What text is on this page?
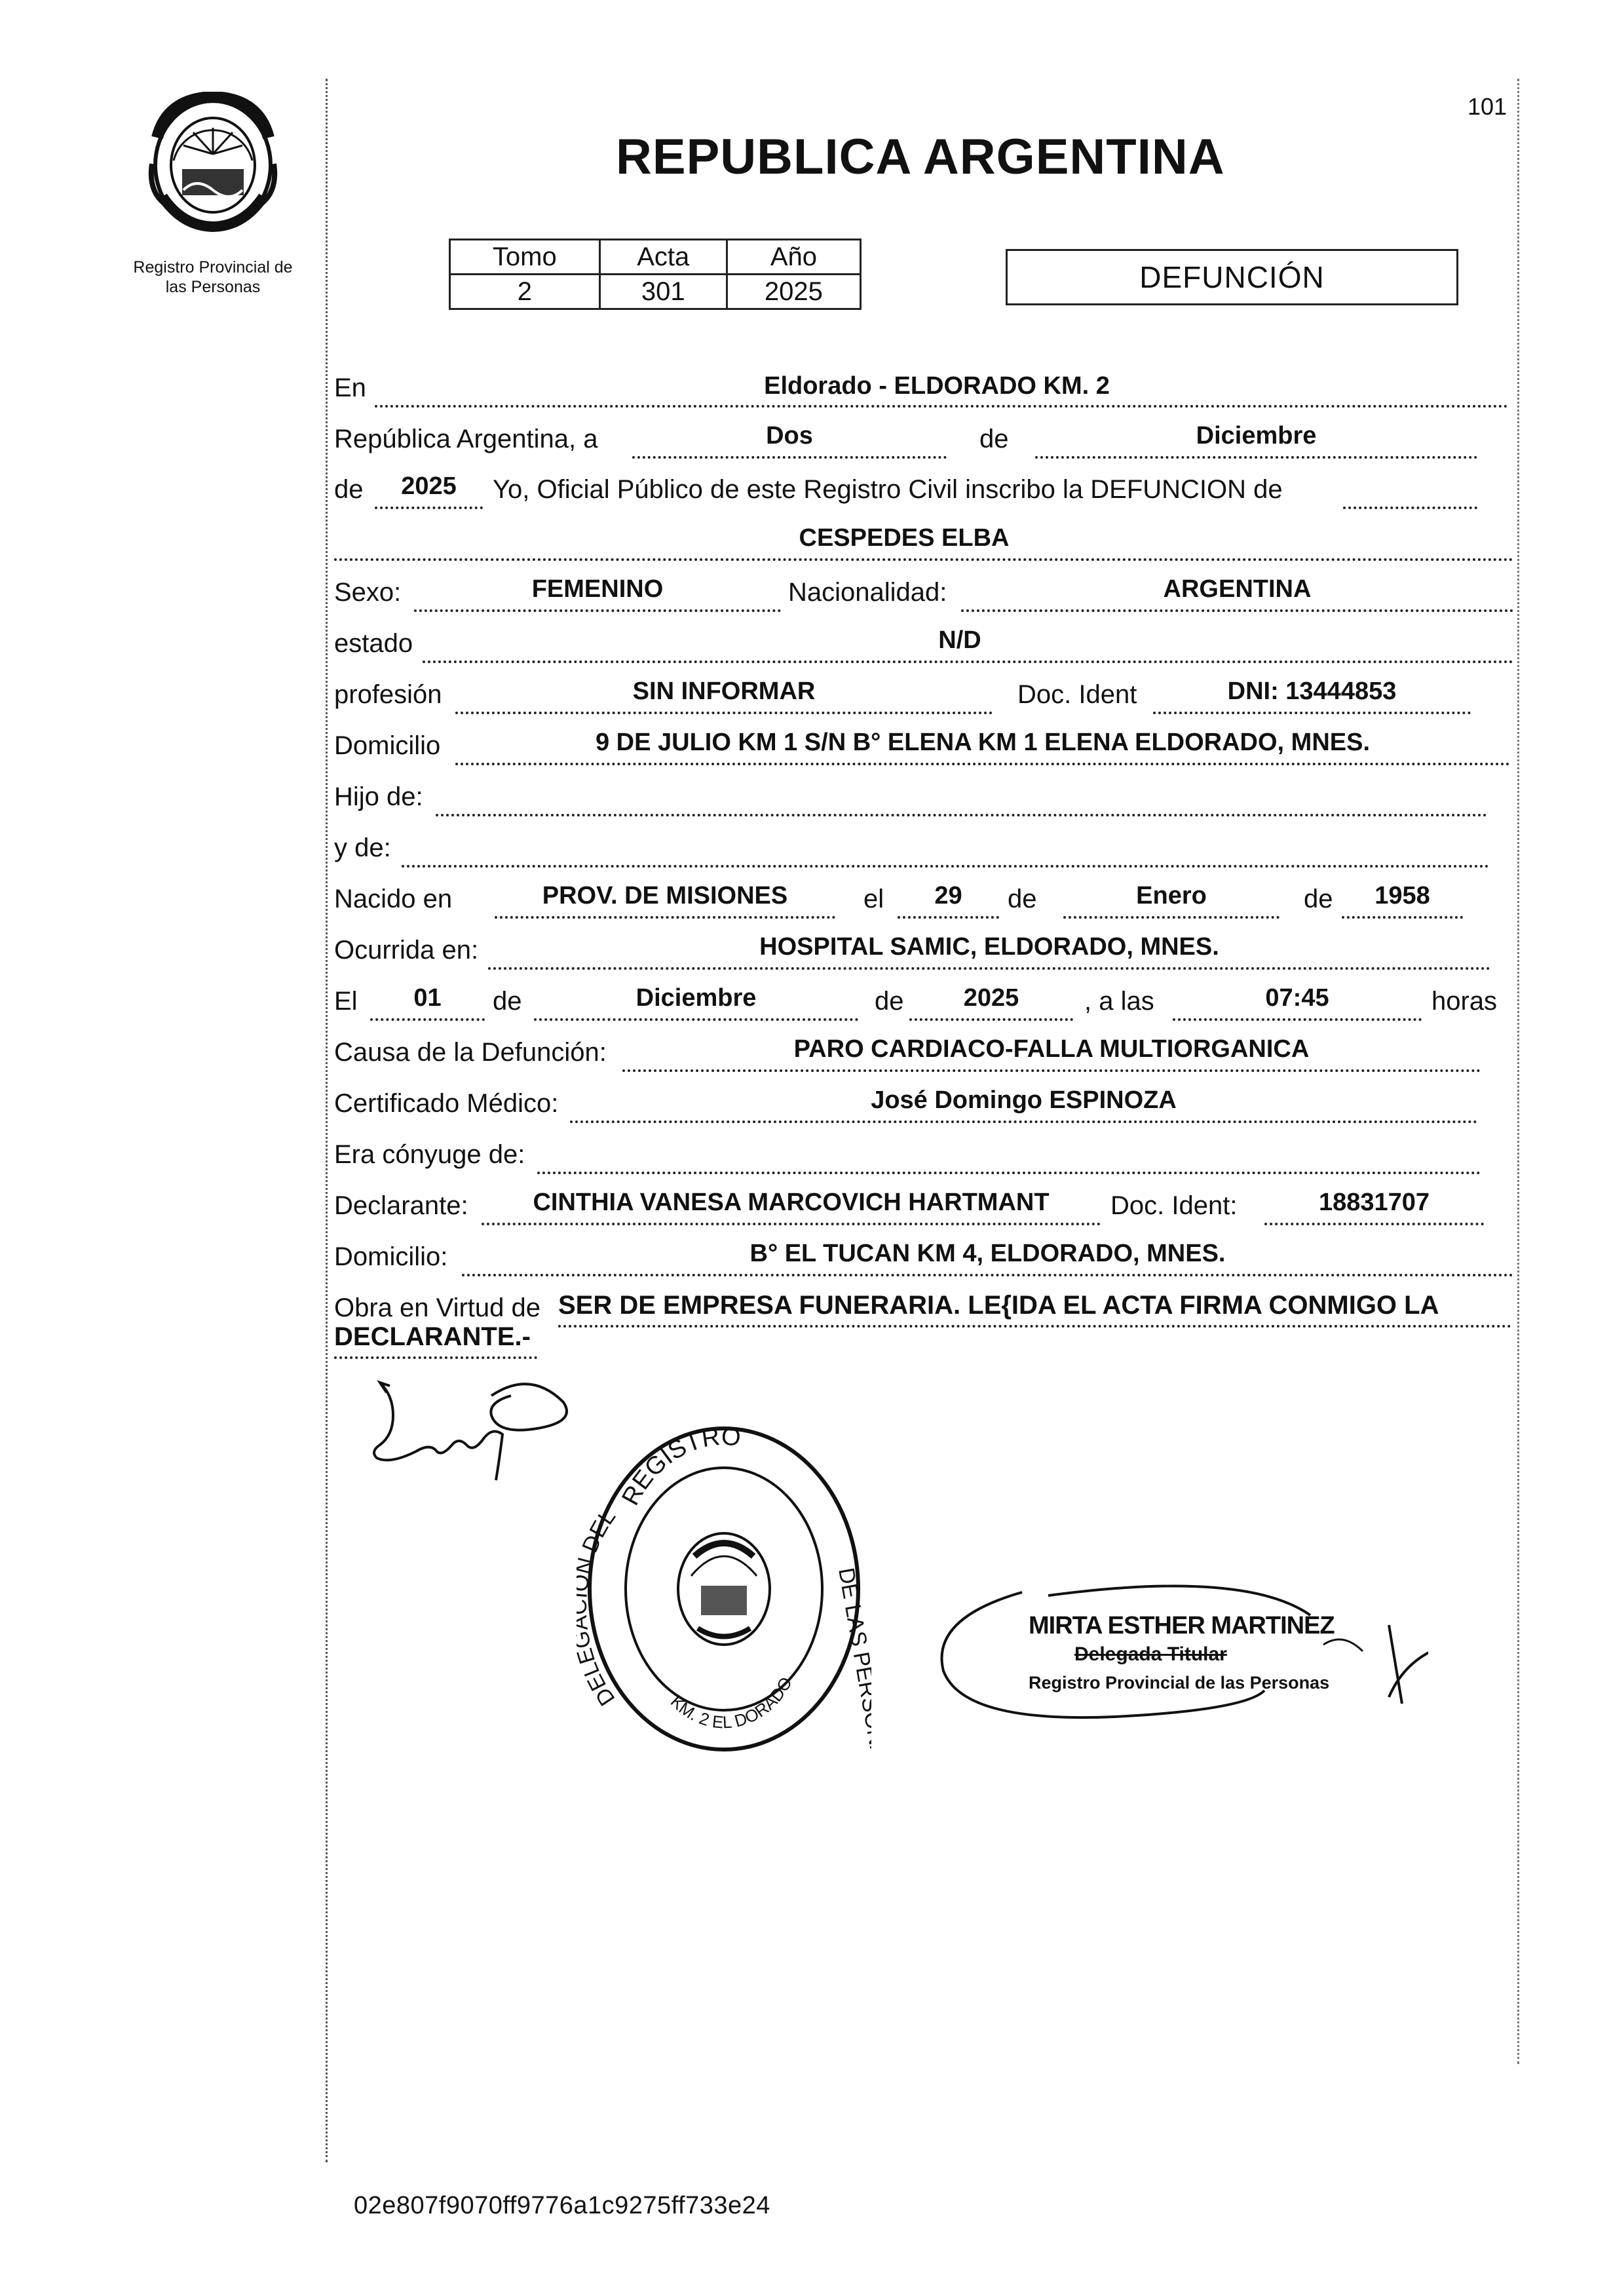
101
Registro Provincial de
las Personas
REPUBLICA ARGENTINA
Tomo	Acta	Año
2	301	2025	DEFUNCIÓN
En	Eldorado - ELDORADO KM. 2
República Argentina, a	Dos	de	Diciembre
de	2025	Yo, Oficial Público de este Registro Civil inscribo la DEFUNCION de
CESPEDES ELBA
Sexo:	FEMENINO	Nacionalidad:	ARGENTINA
estado	N/D
profesión	SIN INFORMAR	Doc. Ident	DNI: 13444853
Domicilio	9 DE JULIO KM 1 S/N B° ELENA KM 1 ELENA ELDORADO, MNES.
Hijo de:
y de:
Nacido en	PROV. DE MISIONES	el	29	de	Enero	de	1958
Ocurrida en:	HOSPITAL SAMIC, ELDORADO, MNES.
El	01	de	Diciembre	de	2025	, a las	07:45	horas
Causa de la Defunción:	PARO CARDIACO-FALLA MULTIORGANICA
Certificado Médico:	José Domingo ESPINOZA
Era cónyuge de:
Declarante:	CINTHIA VANESA MARCOVICH HARTMANT	Doc. Ident:	18831707
Domicilio:	B° EL TUCAN KM 4, ELDORADO, MNES.
Obra en Virtud de SER DE EMPRESA FUNERARIA. LE{IDA EL ACTA FIRMA CONMIGO LA
DECLARANTE.-
REGISTRO
DEL DEL
KM. 2 EL DORADO
DE LAS PERSONAS
MIRTA ESTHER MARTINEZ
Delegada Titular
Registro Provincial de las Personas
02e807f9070ff9776a1c9275ff733e24
